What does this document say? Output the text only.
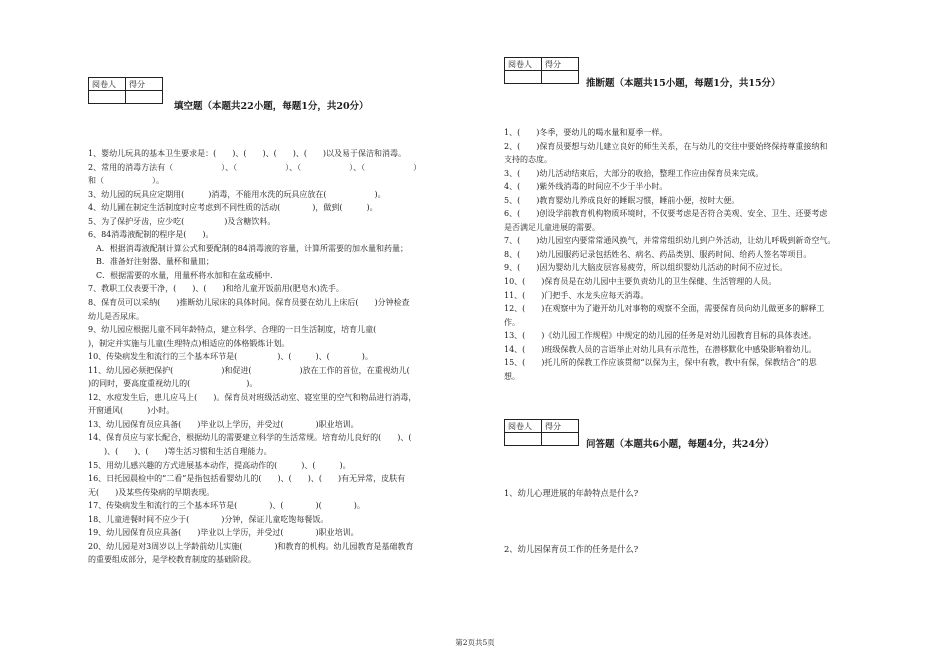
阅卷人	得分

填空题（本题共22小题，每题1分，共20分）
1、婴幼儿玩具的基本卫生要求是：(　　)、(　　)、(　　)、(　　)以及易于保洁和消毒。
2、常用的消毒方法有（　　　　　　）、（　　　　　　）、（　　　　　　）、（　　　　　　）
和（　　　　　　）。
3、幼儿园的玩具应定期用(　　　)消毒，不能用水洗的玩具应放在(　　　　　　)。
4、幼儿圃在制定生活制度时应考虑到不同性质的活动(　　　　)，做到(　　　)。
5、为了保护牙齿，应少吃(　　　　　)及含糖饮料。
6、84消毒液配制的程序是(　　)。
　A．根据消毒液配制计算公式和要配制的84消毒液的容量，计算所需要的加水量和药量；
　B．准备好注射器、量杯和量皿；
　C．根据需要的水量，用量杯将水加和在盆或桶中.
7、教职工仪表要干净，(　　)、(　　)和给儿童开饭前用(肥皂水)洗手。
8、保育员可以采纳(　　)推断幼儿尿床的具体时间。保育员要在幼儿上床后(　　)分钟检查
幼儿是否尿床。
9、幼儿园应根据儿童不同年龄特点，建立科学、合理的一日生活制度，培育儿童(　　　
)，制定并实施与儿童(生理特点)相适应的体格锻炼计划。
10、传染病发生和流行的三个基本环节是(　　　　　)、(　　　)、(　　　　)。
11、幼儿园必须把保护(　　　　　　)和促进(　　　　　　)放在工作的首位，在重视幼儿(　　　
)的同时，要高度重视幼儿的(　　　　　　　)。
12、水痘发生后，患儿应马上(　　)。保育员对班级活动室、寝室里的空气和物品进行消毒，
开窗通风(　　　)小时。
13、幼儿园保育员应具备(　　)毕业以上学历，并受过(　　　　)职业培训。
14、保育员应与家长配合，根据幼儿的需要建立科学的生活常规。培育幼儿良好的(　　)、(
　　)、(　　)、(　　)等生活习惯和生活自理能力。
15、用幼儿感兴趣的方式进展基本动作，提高动作的(　　　)、(　　　)。
16、日托园晨检中的“二看”是指包括看婴幼儿的(　　)、(　　)、(　　)有无异常，皮肤有
无(　　)及某些传染病的早期表现。
17、传染病发生和流行的三个基本环节是(　　　　)、(　　　　)(　　　　)。
18、儿童进餐时间不应少于(　　　　)分钟，保证儿童吃饱每餐饭。
19、幼儿园保育员应具备(　　)毕业以上学历，并受过(　　　　)职业培训。
20、幼儿园是对3周岁以上学龄前幼儿实施(　　　　)和教育的机构。幼儿园教育是基础教育
的重要组成部分，是学校教育制度的基础阶段。
阅卷人	得分

推断题（本题共15小题，每题1分，共15分）
1、(　　)冬季，要幼儿的喝水量和夏季一样。
2、(　　)保育员要想与幼儿建立良好的师生关系，在与幼儿的交往中要始终保持尊重接纳和
支持的态度。
3、(　　)幼儿活动结束后，大部分的收拾，整理工作应由保育员来完成。
4、(　　)紫外线消毒的时间应不少于半小时。
5、(　　)教育婴幼儿养成良好的睡眠习惯，睡前小便，按时大便。
6、(　　)创设学前教育机构物质环境时，不仅要考虑是否符合美观、安全、卫生、还要考虑
是否满足儿童进展的需要。
7、(　　)幼儿园室内要常常通风换气，并常常组织幼儿到户外活动，让幼儿呼吸到新奇空气。
8、(　　)幼儿园服药记录包括姓名、病名、药品类别、服药时间、给药人签名等项目。
9、(　　)因为婴幼儿大脑皮层容易疲劳，所以组织婴幼儿活动的时间不应过长。
10、(　　)保育员是在幼儿园中主要负责幼儿的卫生保健、生活管理的人员。
11、(　　)门把手、水龙头应每天消毒。
12、(　　)在观察中为了避开幼儿对事物的观察不全面，需要保育员向幼儿做更多的解释工
作。
13、(　　)《幼儿园工作规程》中规定的幼儿园的任务是对幼儿园教育目标的具体表述。
14、(　　)班级保教人员的言语举止对幼儿具有示范性，在潜移默化中感染影响着幼儿。
15、(　　)托儿所的保教工作应该贯彻“以保为主，保中有教，教中有保，保教结合”的思
想。
阅卷人	得分

问答题（本题共6小题，每题4分，共24分）
1、幼儿心理进展的年龄特点是什么?
2、幼儿园保育员工作的任务是什么?
第2页共5页
